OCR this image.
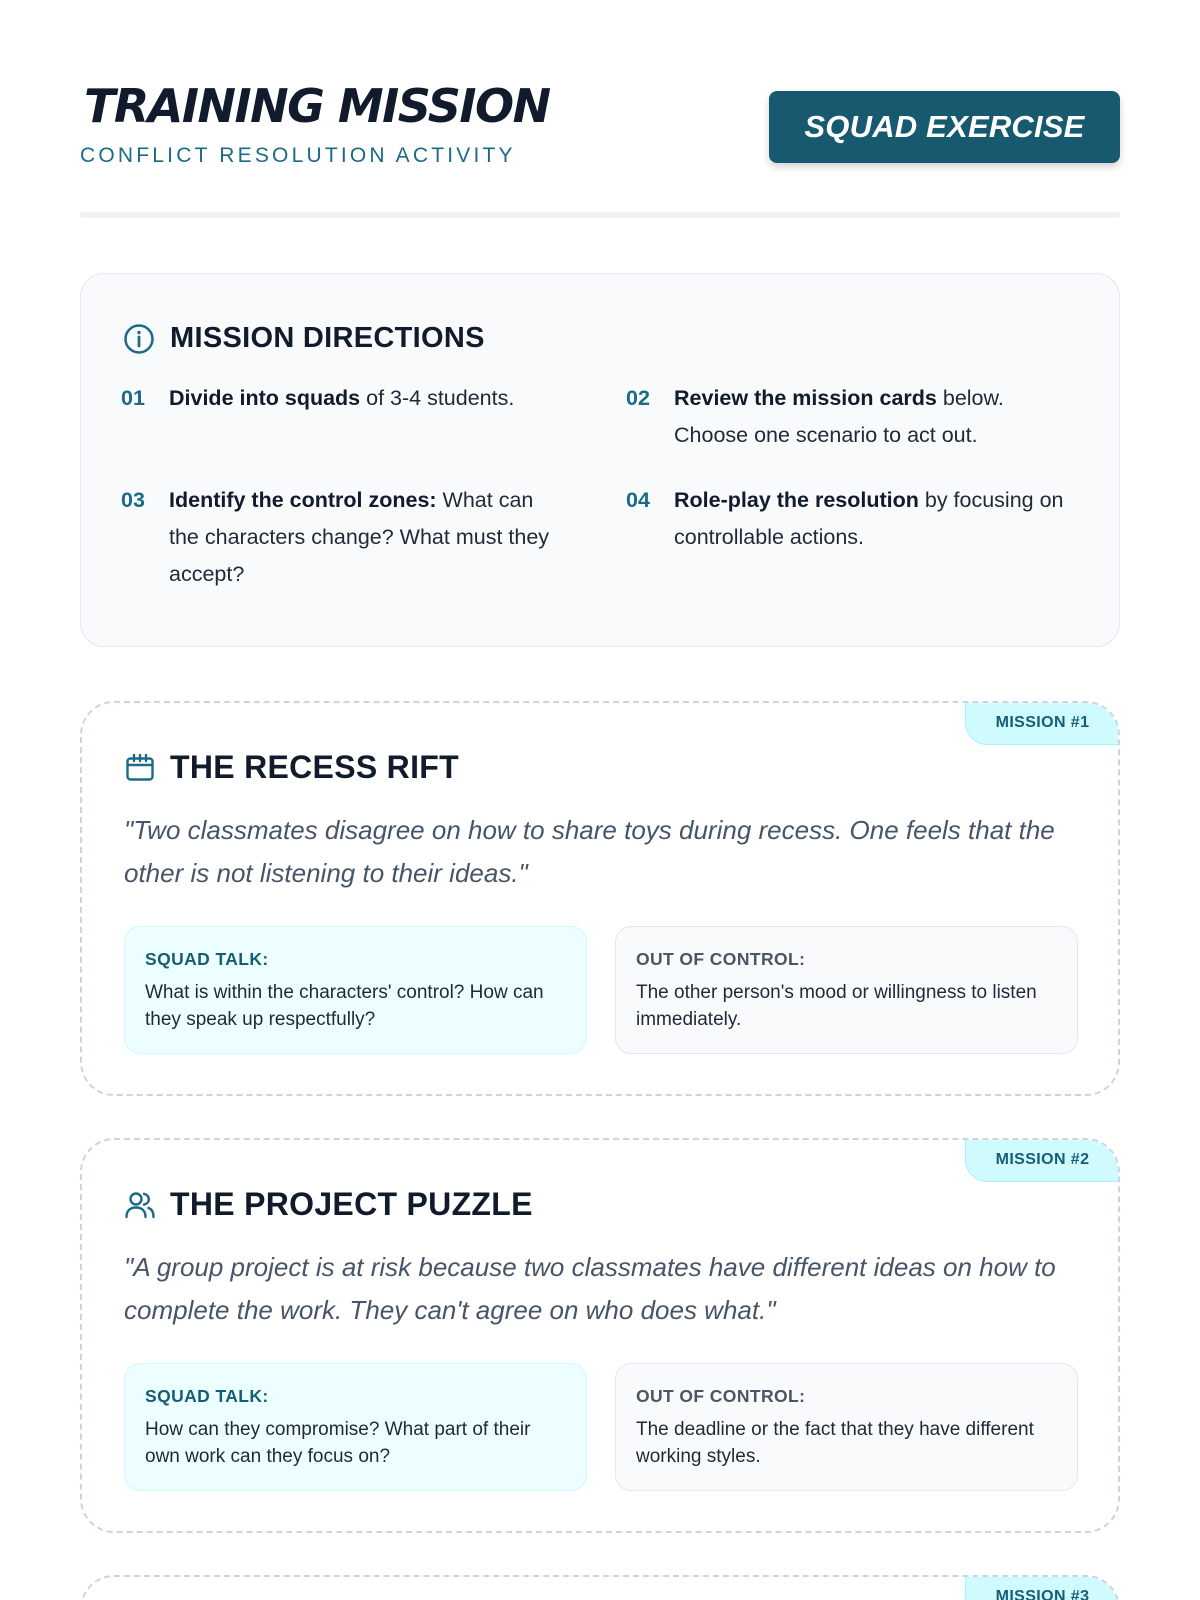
TRAINING MISSION
CONFLICT RESOLUTION ACTIVITY
SQUAD EXERCISE
MISSION DIRECTIONS
01 Divide into squads of 3-4 students.	02 Review the mission cards below. Choose one scenario to act out.
03 Identify the control zones: What can the characters change? What must they accept?
04 Role-play the resolution by focusing on controllable actions.
MISSION #1
THE RECESS RIFT
"Two classmates disagree on how to share toys during recess. One feels that the other is not listening to their ideas."
SQUAD TALK:
What is within the characters' control? How can they speak up respectfully?
OUT OF CONTROL:
The other person's mood or willingness to listen immediately.
MISSION #2
THE PROJECT PUZZLE
"A group project is at risk because two classmates have different ideas on how to complete the work. They can't agree on who does what."
SQUAD TALK:
How can they compromise? What part of their own work can they focus on?
OUT OF CONTROL:
The deadline or the fact that they have different working styles.
MISSION #3
